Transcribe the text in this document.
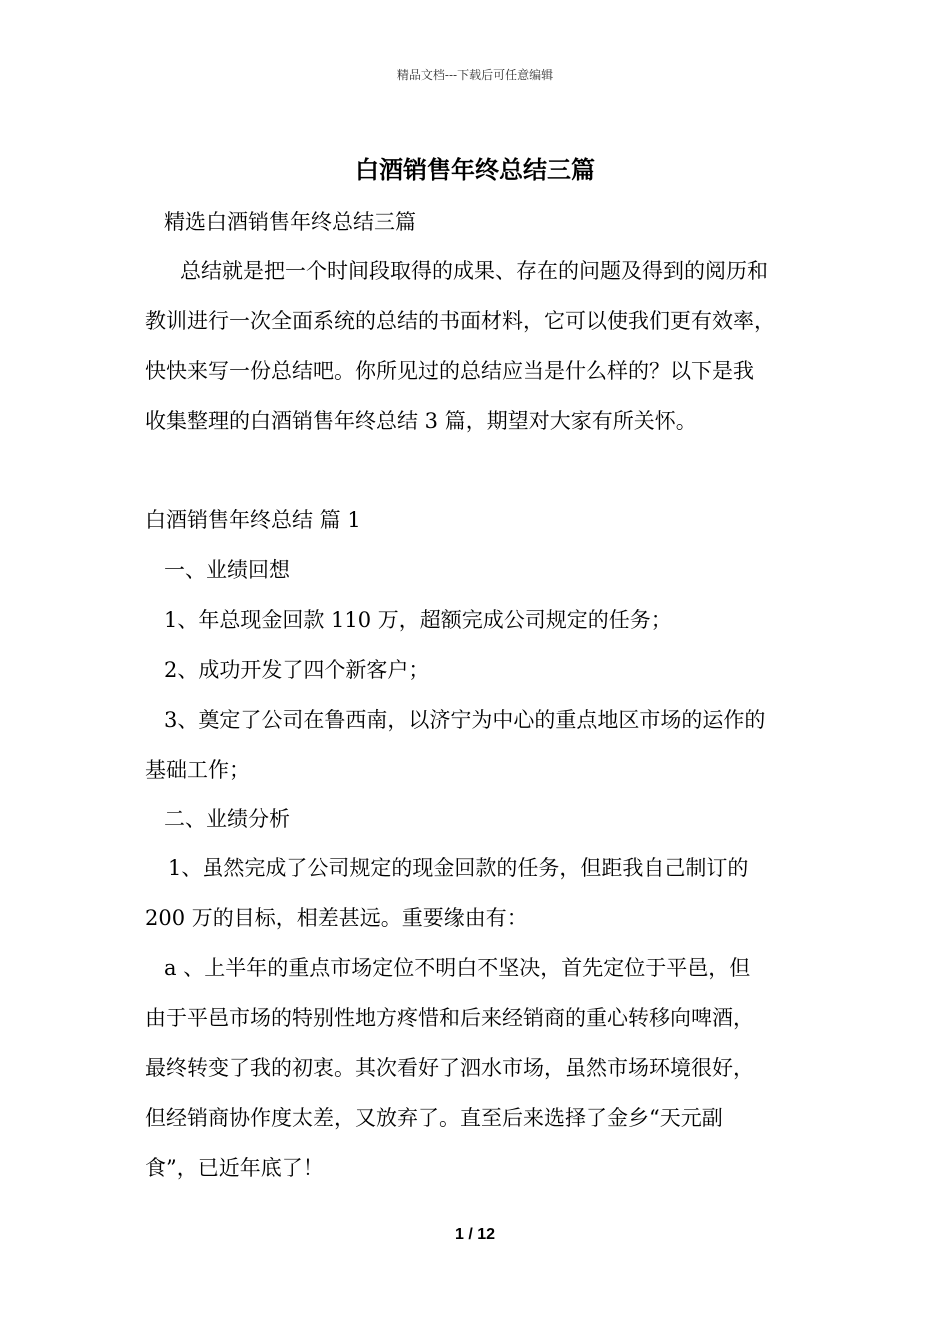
精品文档---下载后可任意编辑
白酒销售年终总结三篇
精选白酒销售年终总结三篇
总结就是把一个时间段取得的成果、存在的问题及得到的阅历和
教训进行一次全面系统的总结的书面材料，它可以使我们更有效率，
快快来写一份总结吧。你所见过的总结应当是什么样的？以下是我
收集整理的白酒销售年终总结 3 篇，期望对大家有所关怀。
白酒销售年终总结 篇 1
一、业绩回想
1、年总现金回款 110 万，超额完成公司规定的任务；
2、成功开发了四个新客户；
3、奠定了公司在鲁西南，以济宁为中心的重点地区市场的运作的
基础工作；
二、业绩分析
1、虽然完成了公司规定的现金回款的任务，但距我自己制订的
200 万的目标，相差甚远。重要缘由有：
a 、上半年的重点市场定位不明白不坚决，首先定位于平邑，但
由于平邑市场的特别性地方疼惜和后来经销商的重心转移向啤酒，
最终转变了我的初衷。其次看好了泗水市场，虽然市场环境很好，
但经销商协作度太差，又放弃了。直至后来选择了金乡“天元副
食”，已近年底了！
1 / 12
